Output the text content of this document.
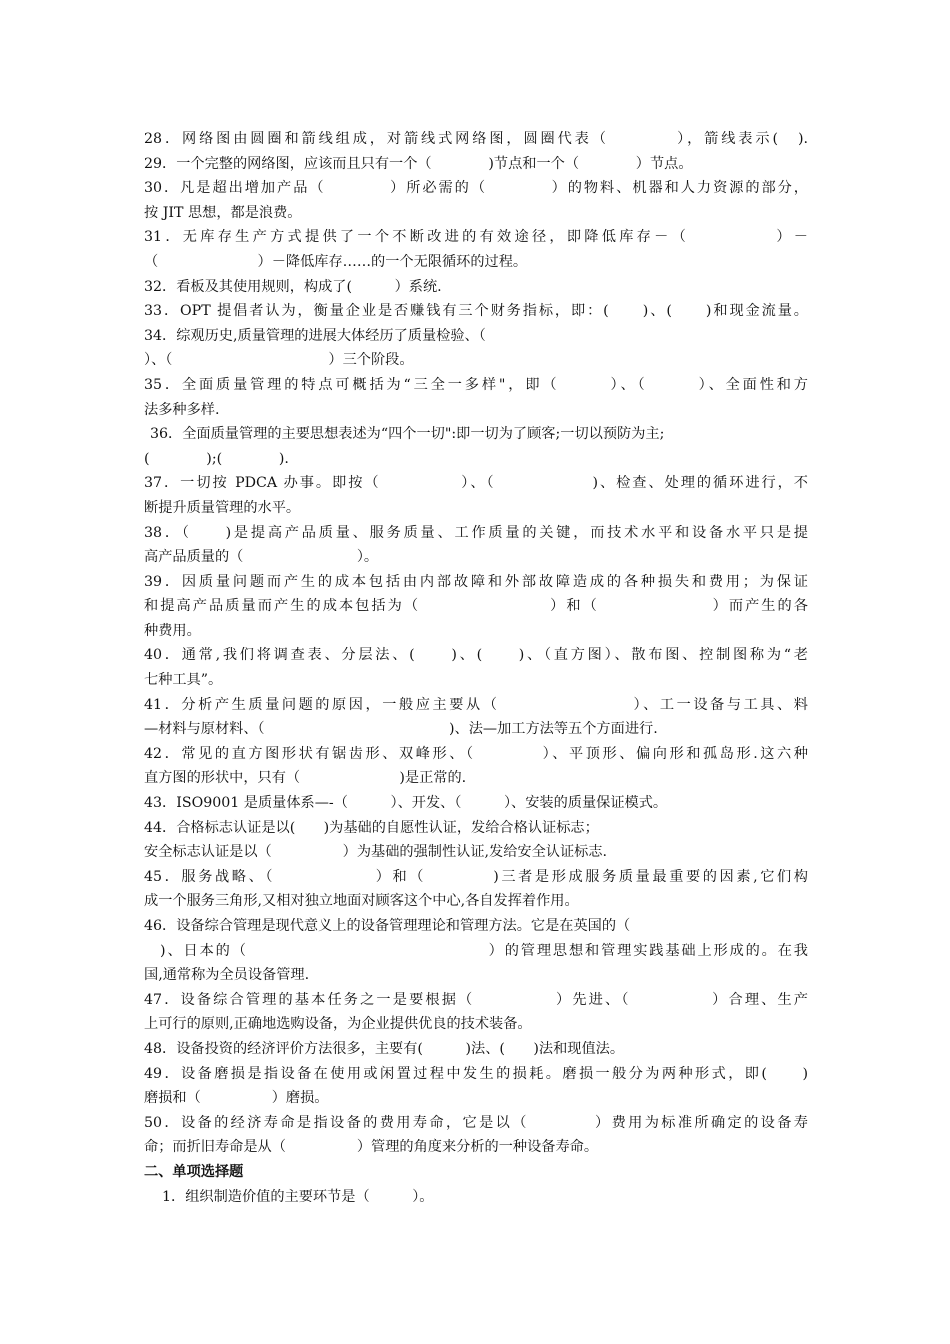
28．网络图由圆圈和箭线组成，对箭线式网络图，圆圈代表（　　　　），箭线表示(　).
29．一个完整的网络图，应该而且只有一个（　　　　)节点和一个（　　　　）节点。
30．凡是超出增加产品（　　　　）所必需的（　　　　）的物料、机器和人力资源的部分，
按 JIT 思想，都是浪费。
31．无库存生产方式提供了一个不断改进的有效途径，即降低库存－（　　　　　）－
（　　　　　　　）－降低库存……的一个无限循环的过程。
32．看板及其使用规则，构成了(　　　）系统.
33．OPT 提倡者认为，衡量企业是否赚钱有三个财务指标，即：(　　)、(　　)和现金流量。
34．综观历史,质量管理的进展大体经历了质量检验、（
）、（　　　　　　　　　　　）三个阶段。
35．全面质量管理的特点可概括为“三全一多样"，即（　　　）、（　　　）、全面性和方
法多种多样.
36．全面质量管理的主要思想表述为“四个一切":即一切为了顾客;一切以预防为主;
(　　　　);(　　　　).
37．一切按 PDCA 办事。即按（　　　　　）、（　　　　　　)、检查、处理的循环进行，不
断提升质量管理的水平。
38．（　　)是提高产品质量、服务质量、工作质量的关键，而技术水平和设备水平只是提
高产品质量的（　　　　　　　　）。
39．因质量问题而产生的成本包括由内部故障和外部故障造成的各种损失和费用；为保证
和提高产品质量而产生的成本包括为（　　　　　　　　）和（　　　　　　　）而产生的各
种费用。
40．通常,我们将调查表、分层法、(　　)、(　　)、（直方图）、散布图、控制图称为“老
七种工具”。
41．分析产生质量问题的原因，一般应主要从（　　　　　　　　）、工一设备与工具、料
—材料与原材料、（　　　　　　　　　　　　　)、法—加工方法等五个方面进行.
42．常见的直方图形状有锯齿形、双峰形、（　　　　）、平顶形、偏向形和孤岛形.这六种
直方图的形状中，只有（　　　　　　　)是正常的.
43．ISO9001 是质量体系—-（　　　）、开发、（　　　）、安装的质量保证模式。
44．合格标志认证是以(　　)为基础的自愿性认证，发给合格认证标志；
安全标志认证是以（　　　　　）为基础的强制性认证,发给安全认证标志.
45．服务战略、（　　　　　　）和（　　　　)三者是形成服务质量最重要的因素,它们构
成一个服务三角形,又相对独立地面对顾客这个中心,各自发挥着作用。
46．设备综合管理是现代意义上的设备管理理论和管理方法。它是在英国的（
　)、日本的（　　　　　　　　　　　　　　　）的管理思想和管理实践基础上形成的。在我
国,通常称为全员设备管理.
47．设备综合管理的基本任务之一是要根据（　　　　　）先进、（　　　　　）合理、生产
上可行的原则,正确地选购设备，为企业提供优良的技术装备。
48．设备投资的经济评价方法很多，主要有(　　　)法、(　　)法和现值法。
49．设备磨损是指设备在使用或闲置过程中发生的损耗。磨损一般分为两种形式，即(　　)
磨损和（　　　　　）磨损。
50．设备的经济寿命是指设备的费用寿命，它是以（　　　　）费用为标准所确定的设备寿
命；而折旧寿命是从（　　　　　）管理的角度来分析的一种设备寿命。
二、单项选择题
1．组织制造价值的主要环节是（　　　）。
